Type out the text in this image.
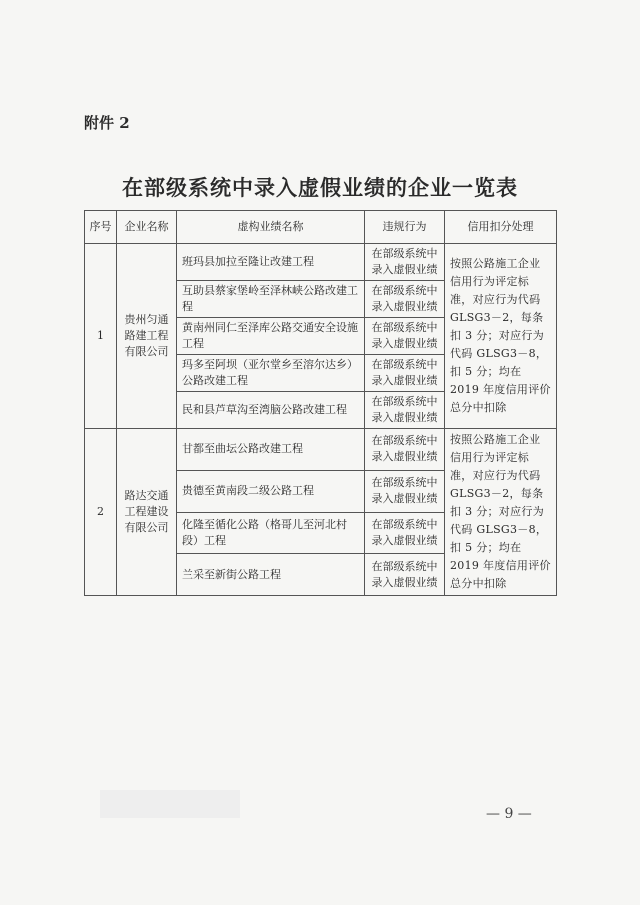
附件 2
在部级系统中录入虚假业绩的企业一览表
序号	企业名称	虚构业绩名称	违规行为	信用扣分处理
1	贵州匀通路建工程有限公司	班玛县加拉至隆让改建工程	在部级系统中录入虚假业绩	按照公路施工企业信用行为评定标准，对应行为代码 GLSG3－2，每条扣 3 分；对应行为代码 GLSG3－8，扣 5 分；均在 2019 年度信用评价总分中扣除
		互助县蔡家堡岭至泽林峡公路改建工程	在部级系统中录入虚假业绩	
		黄南州同仁至泽库公路交通安全设施工程	在部级系统中录入虚假业绩	
		玛多至阿坝（亚尔堂乡至溶尔达乡）公路改建工程	在部级系统中录入虚假业绩	
		民和县芦草沟至湾脑公路改建工程	在部级系统中录入虚假业绩	
2	路达交通工程建设有限公司	甘都至曲坛公路改建工程	在部级系统中录入虚假业绩	按照公路施工企业信用行为评定标准，对应行为代码 GLSG3－2，每条扣 3 分；对应行为代码 GLSG3－8，扣 5 分；均在 2019 年度信用评价总分中扣除
		贵德至黄南段二级公路工程	在部级系统中录入虚假业绩	
		化隆至循化公路（格哥儿至河北村段）工程	在部级系统中录入虚假业绩	
		兰采至新街公路工程	在部级系统中录入虚假业绩	
— 9 —
